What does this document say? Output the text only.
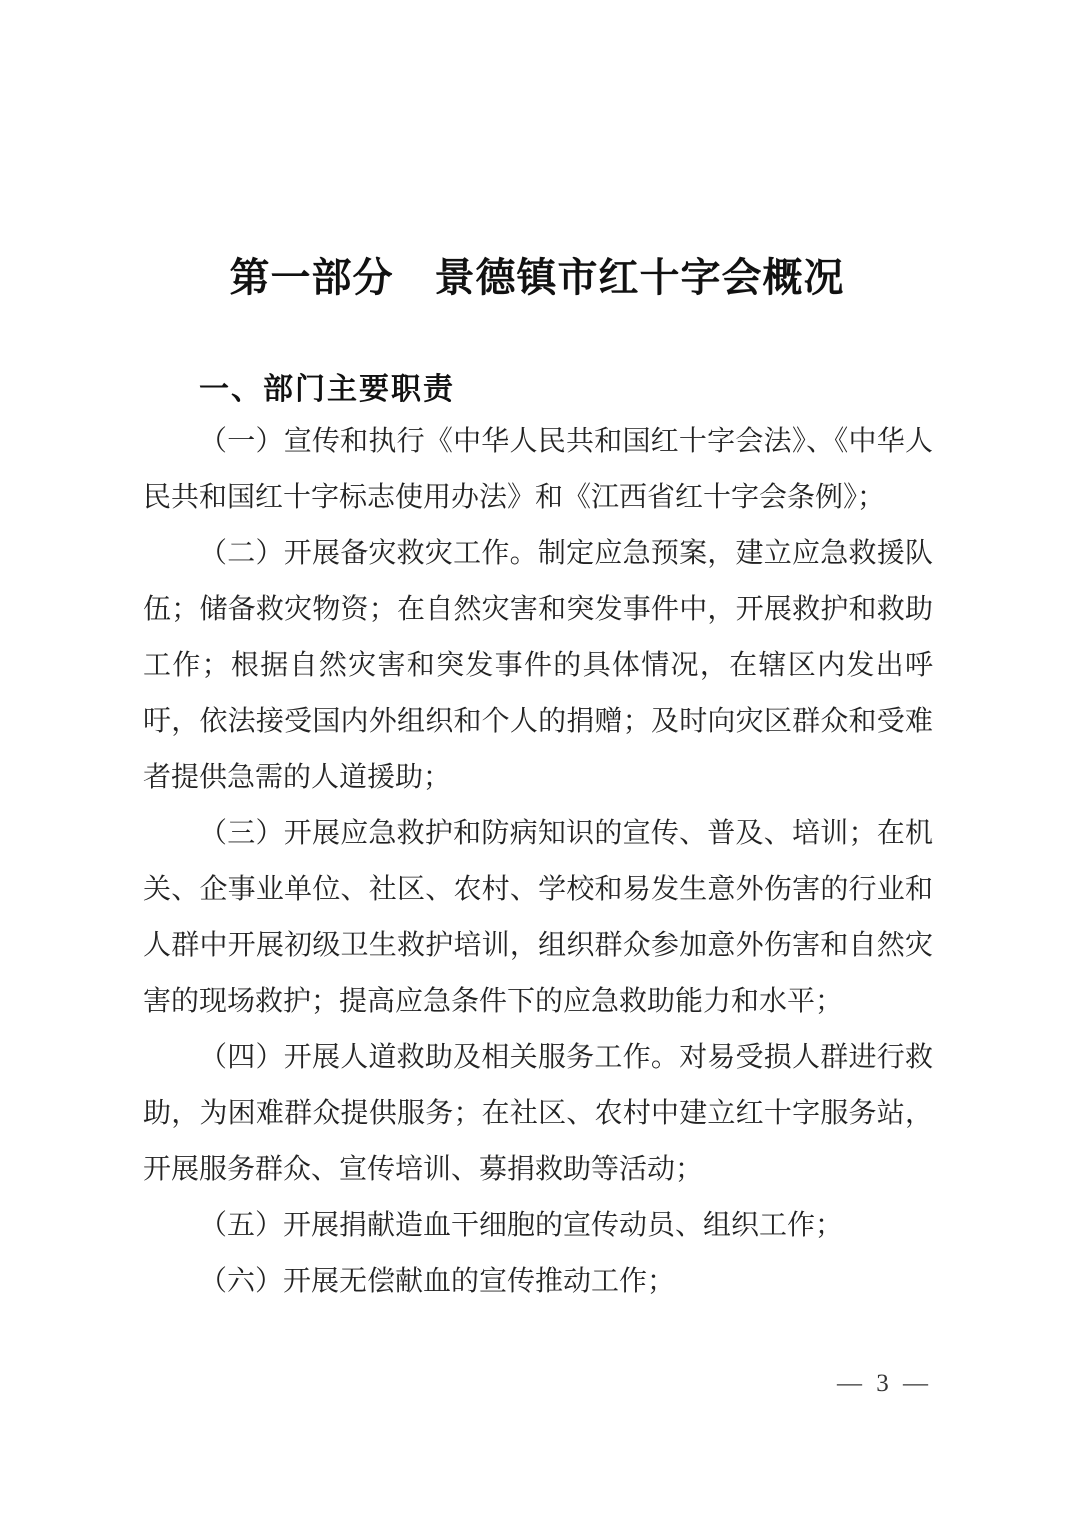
第一部分　景德镇市红十字会概况
一、部门主要职责

（一）宣传和执行《中华人民共和国红十字会法》、《中华人民共和国红十字标志使用办法》和《江西省红十字会条例》；

（二）开展备灾救灾工作。制定应急预案，建立应急救援队伍；储备救灾物资；在自然灾害和突发事件中，开展救护和救助工作；根据自然灾害和突发事件的具体情况，在辖区内发出呼吁，依法接受国内外组织和个人的捐赠；及时向灾区群众和受难者提供急需的人道援助；

（三）开展应急救护和防病知识的宣传、普及、培训；在机关、企事业单位、社区、农村、学校和易发生意外伤害的行业和人群中开展初级卫生救护培训，组织群众参加意外伤害和自然灾害的现场救护；提高应急条件下的应急救助能力和水平；

（四）开展人道救助及相关服务工作。对易受损人群进行救助，为困难群众提供服务；在社区、农村中建立红十字服务站，开展服务群众、宣传培训、募捐救助等活动；

（五）开展捐献造血干细胞的宣传动员、组织工作；

（六）开展无偿献血的宣传推动工作；

— 3 —
